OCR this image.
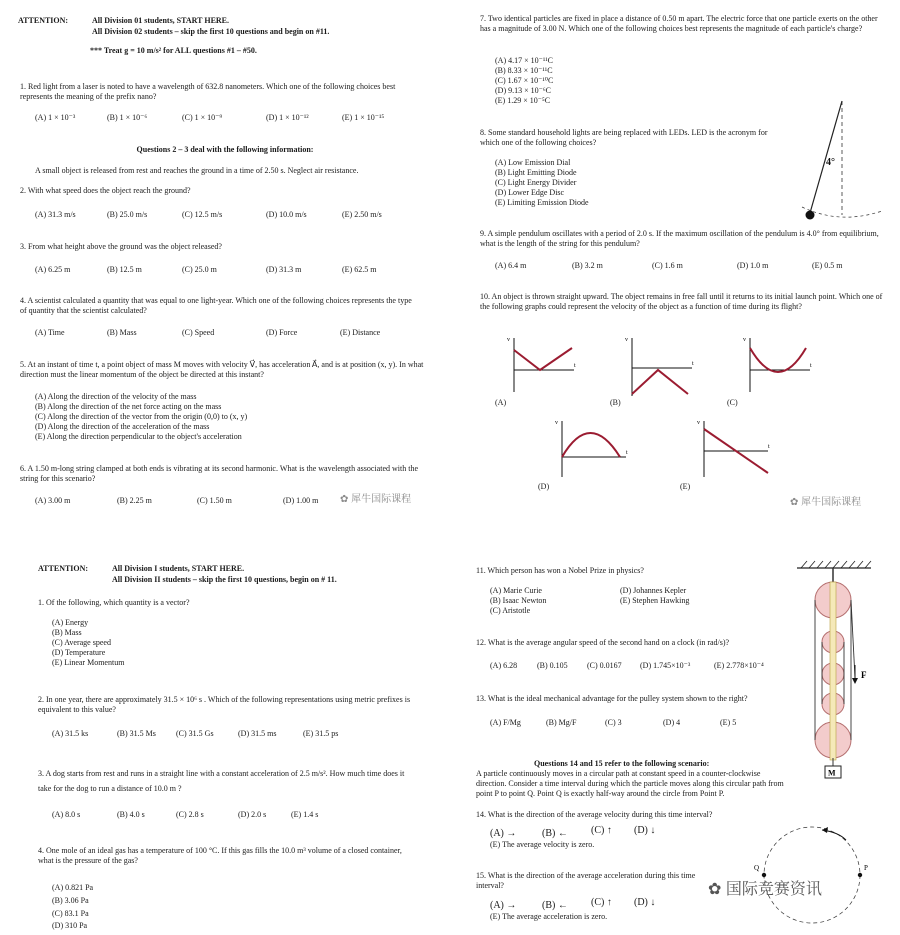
ATTENTION:	All Division 01 students, START HERE.
All Division 02 students – skip the first 10 questions and begin on #11.
*** Treat g = 10 m/s² for ALL questions #1 – #50.
1. Red light from a laser is noted to have a wavelength of 632.8 nanometers. Which one of the following choices best represents the meaning of the prefix nano?
(A) 1 × 10⁻³	(B) 1 × 10⁻⁶	(C) 1 × 10⁻⁹	(D) 1 × 10⁻¹²	(E) 1 × 10⁻¹⁵
Questions 2 – 3 deal with the following information:
A small object is released from rest and reaches the ground in a time of 2.50 s. Neglect air resistance.
2. With what speed does the object reach the ground?
(A) 31.3 m/s	(B) 25.0 m/s	(C) 12.5 m/s	(D) 10.0 m/s	(E) 2.50 m/s
3. From what height above the ground was the object released?
(A) 6.25 m	(B) 12.5 m	(C) 25.0 m	(D) 31.3 m	(E) 62.5 m
4. A scientist calculated a quantity that was equal to one light-year. Which one of the following choices represents the type of quantity that the scientist calculated?
(A) Time	(B) Mass	(C) Speed	(D) Force	(E) Distance
5. At an instant of time t, a point object of mass M moves with velocity V⃗, has acceleration A⃗, and is at position (x, y). In what direction must the linear momentum of the object be directed at this instant?
(A) Along the direction of the velocity of the mass
(B) Along the direction of the net force acting on the mass
(C) Along the direction of the vector from the origin (0,0) to (x, y)
(D) Along the direction of the acceleration of the mass
(E) Along the direction perpendicular to the object's acceleration
6. A 1.50 m-long string clamped at both ends is vibrating at its second harmonic. What is the wavelength associated with the string for this scenario?
(A) 3.00 m	(B) 2.25 m	(C) 1.50 m	(D) 1.00 m ✿ 犀牛国际课程
7. Two identical particles are fixed in place a distance of 0.50 m apart. The electric force that one particle exerts on the other has a magnitude of 3.00 N. Which one of the following choices best represents the magnitude of each particle's charge?
(A) 4.17 × 10⁻¹¹C
(B) 8.33 × 10⁻¹¹C
(C) 1.67 × 10⁻¹⁰C
(D) 9.13 × 10⁻⁶C
(E) 1.29 × 10⁻⁵C
8. Some standard household lights are being replaced with LEDs. LED is the acronym for which one of the following choices?
(A) Low Emission Dial
(B) Light Emitting Diode
(C) Light Energy Divider
(D) Lower Edge Disc
(E) Limiting Emission Diode
4°
9. A simple pendulum oscillates with a period of 2.0 s. If the maximum oscillation of the pendulum is 4.0° from equilibrium, what is the length of the string for this pendulum?
(A) 6.4 m	(B) 3.2 m	(C) 1.6 m	(D) 1.0 m	(E) 0.5 m
10. An object is thrown straight upward. The object remains in free fall until it returns to its initial launch point. Which one of the following graphs could represent the velocity of the object as a function of time during its flight?
v
t
(A)
v
t
(B)
v
t
(C)
v
t
(D)
v
t
(E)
✿ 犀牛国际课程
ATTENTION:	All Division I students, START HERE.
All Division II students – skip the first 10 questions, begin on # 11.
1. Of the following, which quantity is a vector?
(A) Energy
(B) Mass
(C) Average speed
(D) Temperature
(E) Linear Momentum
2. In one year, there are approximately 31.5 × 10⁶ s . Which of the following representations using metric prefixes is equivalent to this value?
(A) 31.5 ks	(B) 31.5 Ms	(C) 31.5 Gs	(D) 31.5 ms	(E) 31.5 ps
3. A dog starts from rest and runs in a straight line with a constant acceleration of 2.5 m/s². How much time does it take for the dog to run a distance of 10.0 m ?
(A) 8.0 s	(B) 4.0 s	(C) 2.8 s	(D) 2.0 s	(E) 1.4 s
4. One mole of an ideal gas has a temperature of 100 °C. If this gas fills the 10.0 m³ volume of a closed container, what is the pressure of the gas?
(A) 0.821 Pa
(B) 3.06 Pa
(C) 83.1 Pa
(D) 310 Pa
11. Which person has won a Nobel Prize in physics?
(A) Marie Curie
(B) Isaac Newton
(C) Aristotle
(D) Johannes Kepler
(E) Stephen Hawking
12. What is the average angular speed of the second hand on a clock (in rad/s)?
(A) 6.28 (B) 0.105 (C) 0.0167 (D) 1.745×10⁻³	(E) 2.778×10⁻⁴
13. What is the ideal mechanical advantage for the pulley system shown to the right?
(A) F/Mg	(B) Mg/F	(C) 3	(D) 4	(E) 5
F
M
Questions 14 and 15 refer to the following scenario:
A particle continuously moves in a circular path at constant speed in a counter-clockwise direction. Consider a time interval during which the particle moves along this circular path from point P to point Q. Point Q is exactly half-way around the circle from Point P.
14. What is the direction of the average velocity during this time interval?
(A) →	(B) ← (C) ↑ (D) ↓
(E) The average velocity is zero.
15. What is the direction of the average acceleration during this time interval?
(A) →	(B) ← (C) ↑ (D) ↓
(E) The average acceleration is zero.
Q	P
✿ 国际竞赛资讯
